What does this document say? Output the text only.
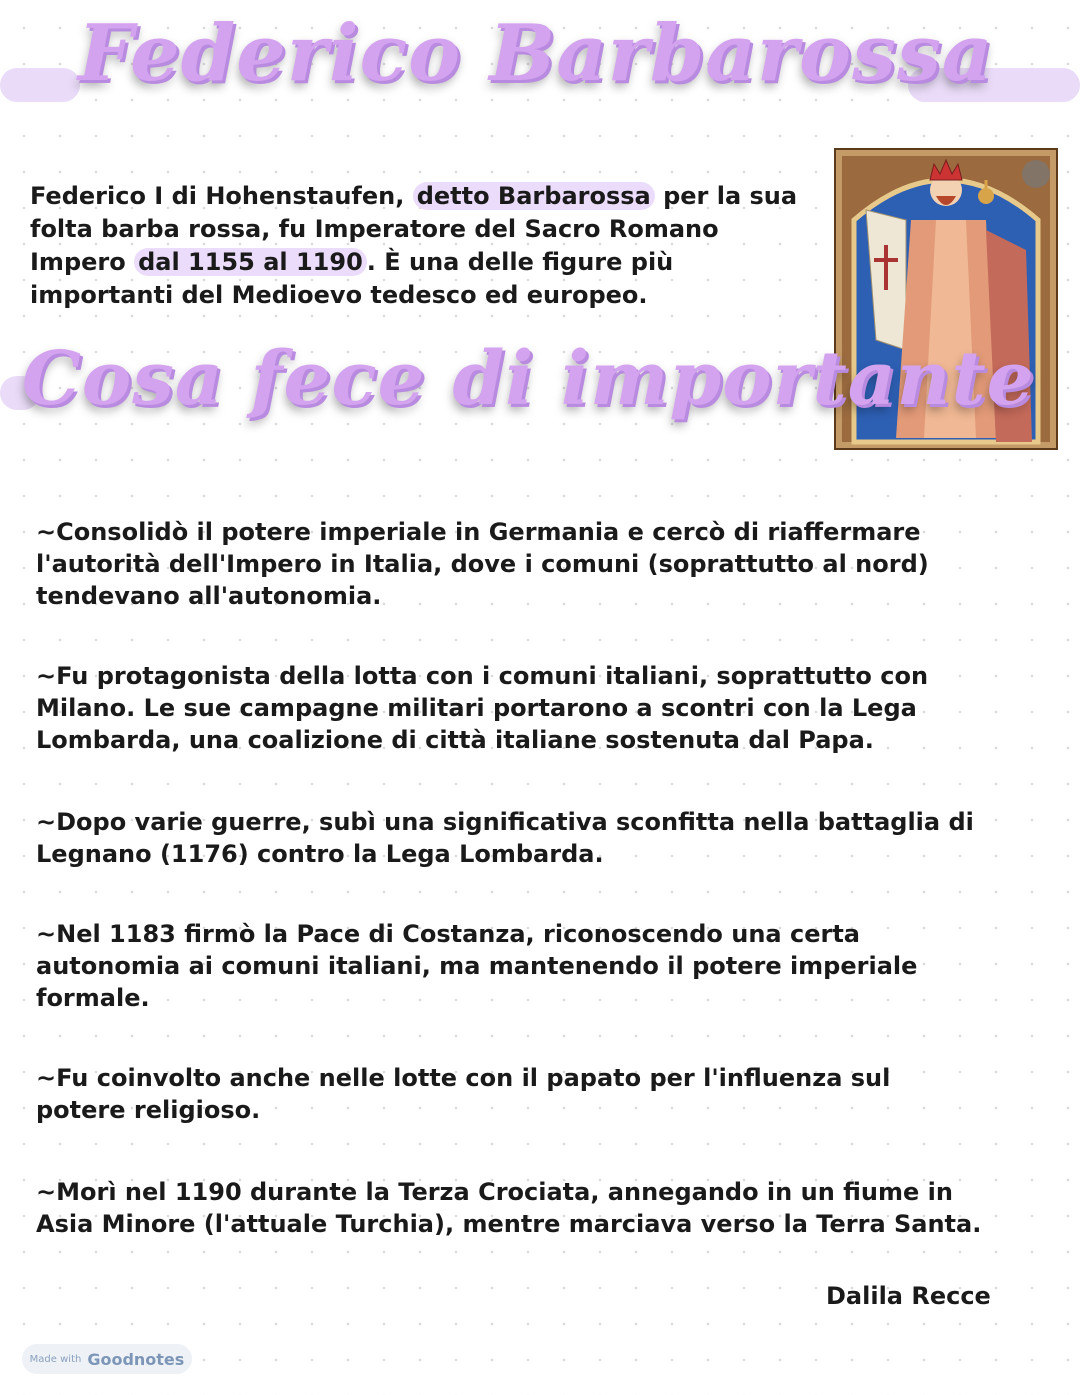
Federico Barbarossa

Federico I di Hohenstaufen, detto Barbarossa per la sua folta barba rossa, fu Imperatore del Sacro Romano Impero dal 1155 al 1190 . È una delle figure più importanti del Medioevo tedesco ed europeo.

Cosa fece di importante
~Consolidò il potere imperiale in Germania e cercò di riaffermare l'autorità dell'Impero in Italia, dove i comuni (soprattutto al nord) tendevano all'autonomia.
~Fu protagonista della lotta con i comuni italiani, soprattutto con Milano. Le sue campagne militari portarono a scontri con la Lega Lombarda, una coalizione di città italiane sostenuta dal Papa.
~Dopo varie guerre, subì una significativa sconfitta nella battaglia di Legnano (1176) contro la Lega Lombarda.
~Nel 1183 firmò la Pace di Costanza, riconoscendo una certa autonomia ai comuni italiani, ma mantenendo il potere imperiale formale.
~Fu coinvolto anche nelle lotte con il papato per l'influenza sul potere religioso.
~Morì nel 1190 durante la Terza Crociata, annegando in un fiume in Asia Minore (l'attuale Turchia), mentre marciava verso la Terra Santa.
Dalila Recce
Made with Goodnotes
